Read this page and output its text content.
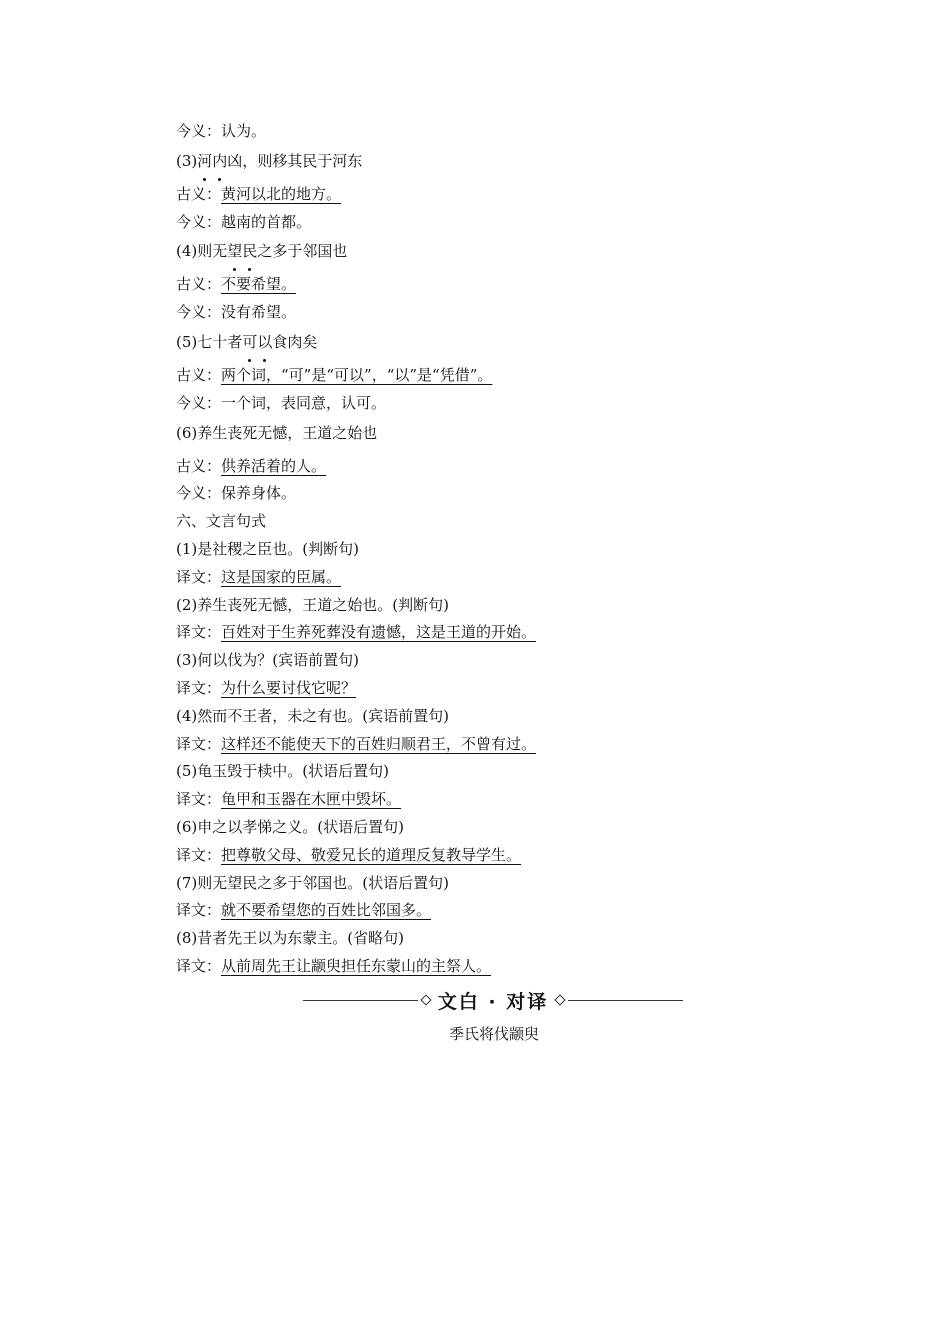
今义：认为。
(3)河内凶，则移其民于河东
古义：黄河以北的地方。
今义：越南的首都。
(4)则无望民之多于邻国也
古义：不要希望。
今义：没有希望。
(5)七十者可以食肉矣
古义：两个词，“可”是“可以”，“以”是“凭借”。
今义：一个词，表同意，认可。
(6)养生丧死无憾，王道之始也
古义：供养活着的人。
今义：保养身体。
六、文言句式
(1)是社稷之臣也。(判断句)
译文：这是国家的臣属。
(2)养生丧死无憾，王道之始也。(判断句)
译文：百姓对于生养死葬没有遗憾，这是王道的开始。
(3)何以伐为？(宾语前置句)
译文：为什么要讨伐它呢？
(4)然而不王者，未之有也。(宾语前置句)
译文：这样还不能使天下的百姓归顺君王，不曾有过。
(5)龟玉毁于椟中。(状语后置句)
译文：龟甲和玉器在木匣中毁坏。
(6)申之以孝悌之义。(状语后置句)
译文：把尊敬父母、敬爱兄长的道理反复教导学生。
(7)则无望民之多于邻国也。(状语后置句)
译文：就不要希望您的百姓比邻国多。
(8)昔者先王以为东蒙主。(省略句)
译文：从前周先王让颛臾担任东蒙山的主祭人。
文白 · 对译
季氏将伐颛臾
